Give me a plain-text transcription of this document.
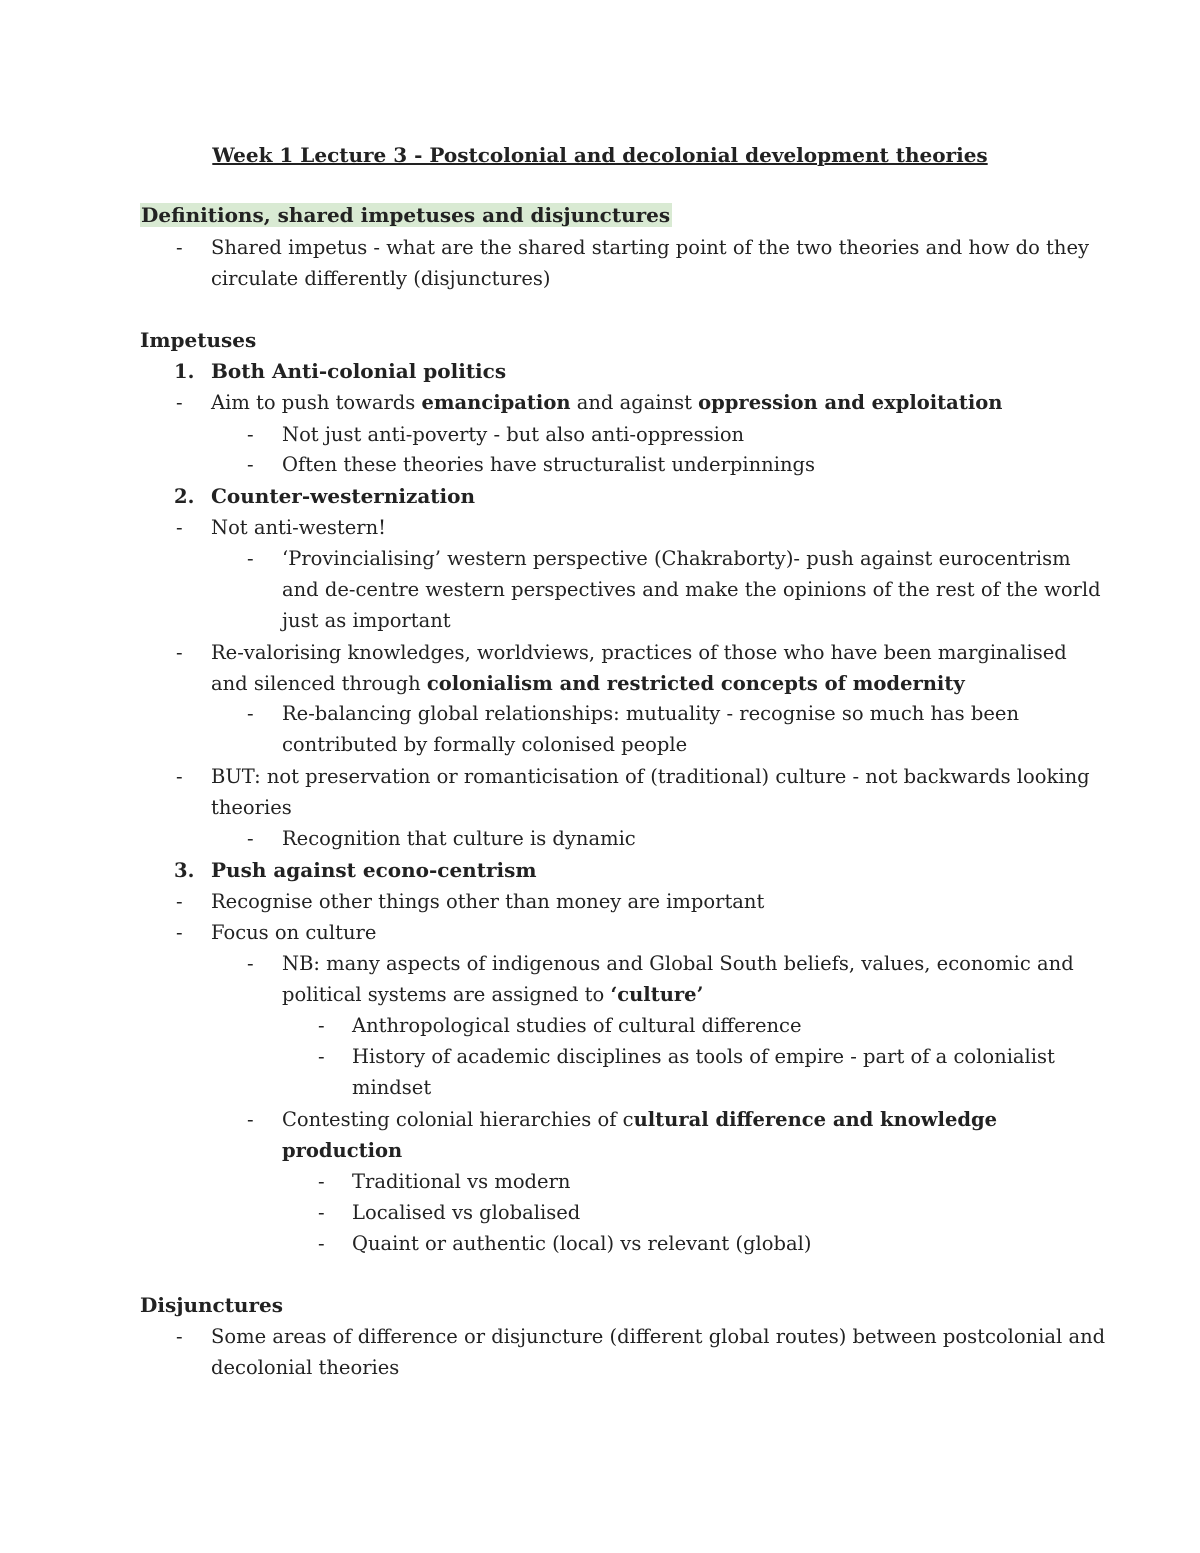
Week 1 Lecture 3 - Postcolonial and decolonial development theories
Definitions, shared impetuses and disjunctures
- Shared impetus - what are the shared starting point of the two theories and how do they
circulate differently (disjunctures)
Impetuses
1. Both Anti-colonial politics
- Aim to push towards emancipation and against oppression and exploitation
- Not just anti-poverty - but also anti-oppression
- Often these theories have structuralist underpinnings
2. Counter-westernization
- Not anti-western!
- ‘Provincialising’ western perspective (Chakraborty)- push against eurocentrism
and de-centre western perspectives and make the opinions of the rest of the world
just as important
- Re-valorising knowledges, worldviews, practices of those who have been marginalised
and silenced through colonialism and restricted concepts of modernity
- Re-balancing global relationships: mutuality - recognise so much has been
contributed by formally colonised people
- BUT: not preservation or romanticisation of (traditional) culture - not backwards looking
theories
- Recognition that culture is dynamic
3. Push against econo-centrism
- Recognise other things other than money are important
- Focus on culture
- NB: many aspects of indigenous and Global South beliefs, values, economic and
political systems are assigned to ‘culture’
- Anthropological studies of cultural difference
- History of academic disciplines as tools of empire - part of a colonialist
mindset
- Contesting colonial hierarchies of cultural difference and knowledge
production
- Traditional vs modern
- Localised vs globalised
- Quaint or authentic (local) vs relevant (global)
Disjunctures
- Some areas of difference or disjuncture (different global routes) between postcolonial and
decolonial theories
